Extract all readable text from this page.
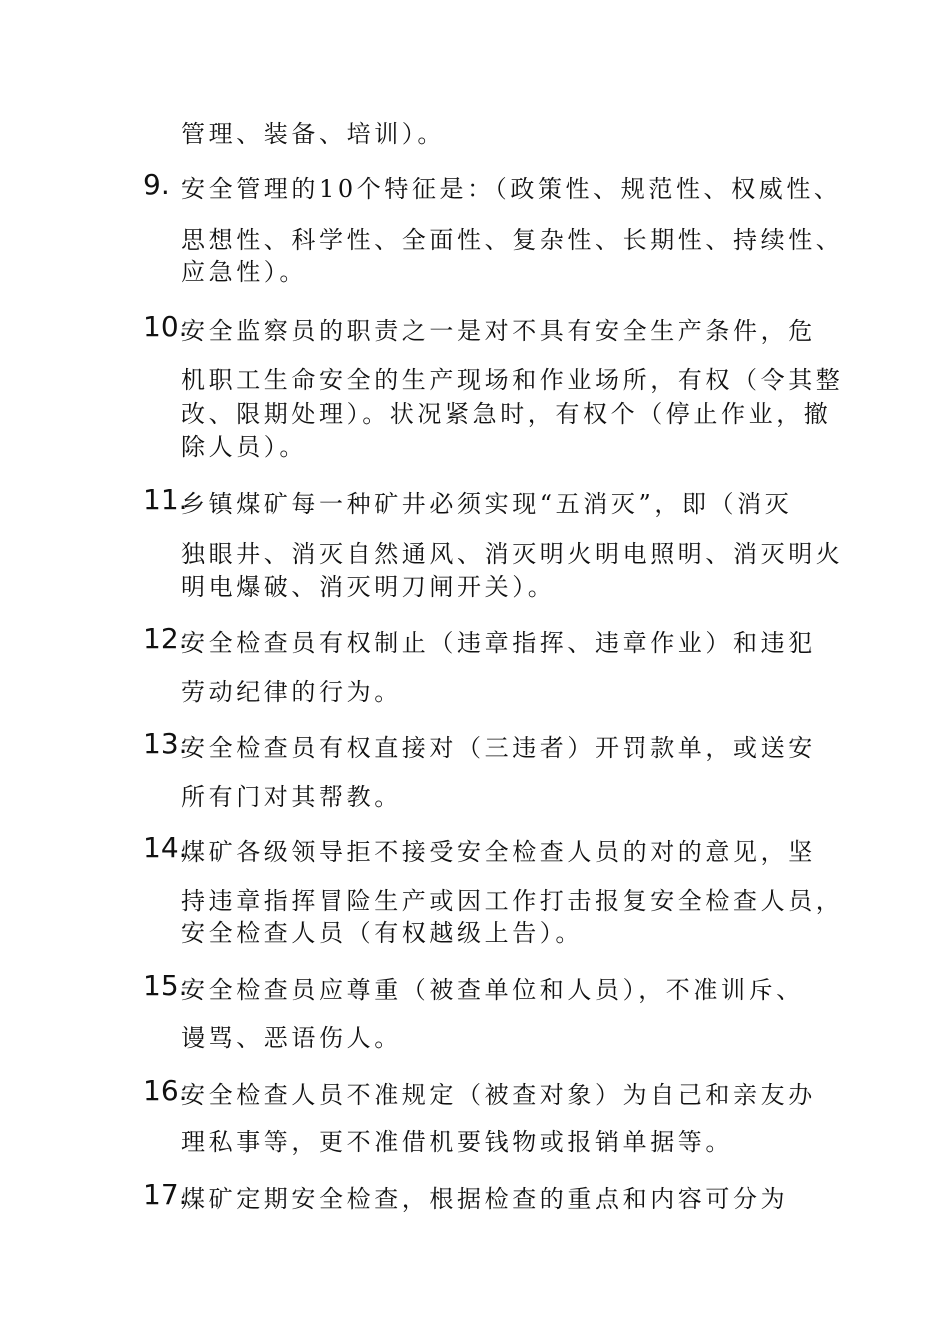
管理、装备、培训）。
9. 安全管理的10个特征是：（政策性、规范性、权威性、
思想性、科学性、全面性、复杂性、长期性、持续性、
应急性）。
10.
安全监察员的职责之一是对不具有安全生产条件，危
机职工生命安全的生产现场和作业场所，有权（令其整
改、限期处理）。状况紧急时，有权个（停止作业，撤
除人员）。
11.
乡镇煤矿每一种矿井必须实现“五消灭”，即（消灭
独眼井、消灭自然通风、消灭明火明电照明、消灭明火
明电爆破、消灭明刀闸开关）。
12.
安全检查员有权制止（违章指挥、违章作业）和违犯
劳动纪律的行为。
13.
安全检查员有权直接对（三违者）开罚款单，或送安
所有门对其帮教。
14.
煤矿各级领导拒不接受安全检查人员的对的意见，坚
持违章指挥冒险生产或因工作打击报复安全检查人员，
安全检查人员（有权越级上告）。
15.
安全检查员应尊重（被查单位和人员），不准训斥、
谩骂、恶语伤人。
16.
安全检查人员不准规定（被查对象）为自己和亲友办
理私事等，更不准借机要钱物或报销单据等。
17.
煤矿定期安全检查，根据检查的重点和内容可分为
